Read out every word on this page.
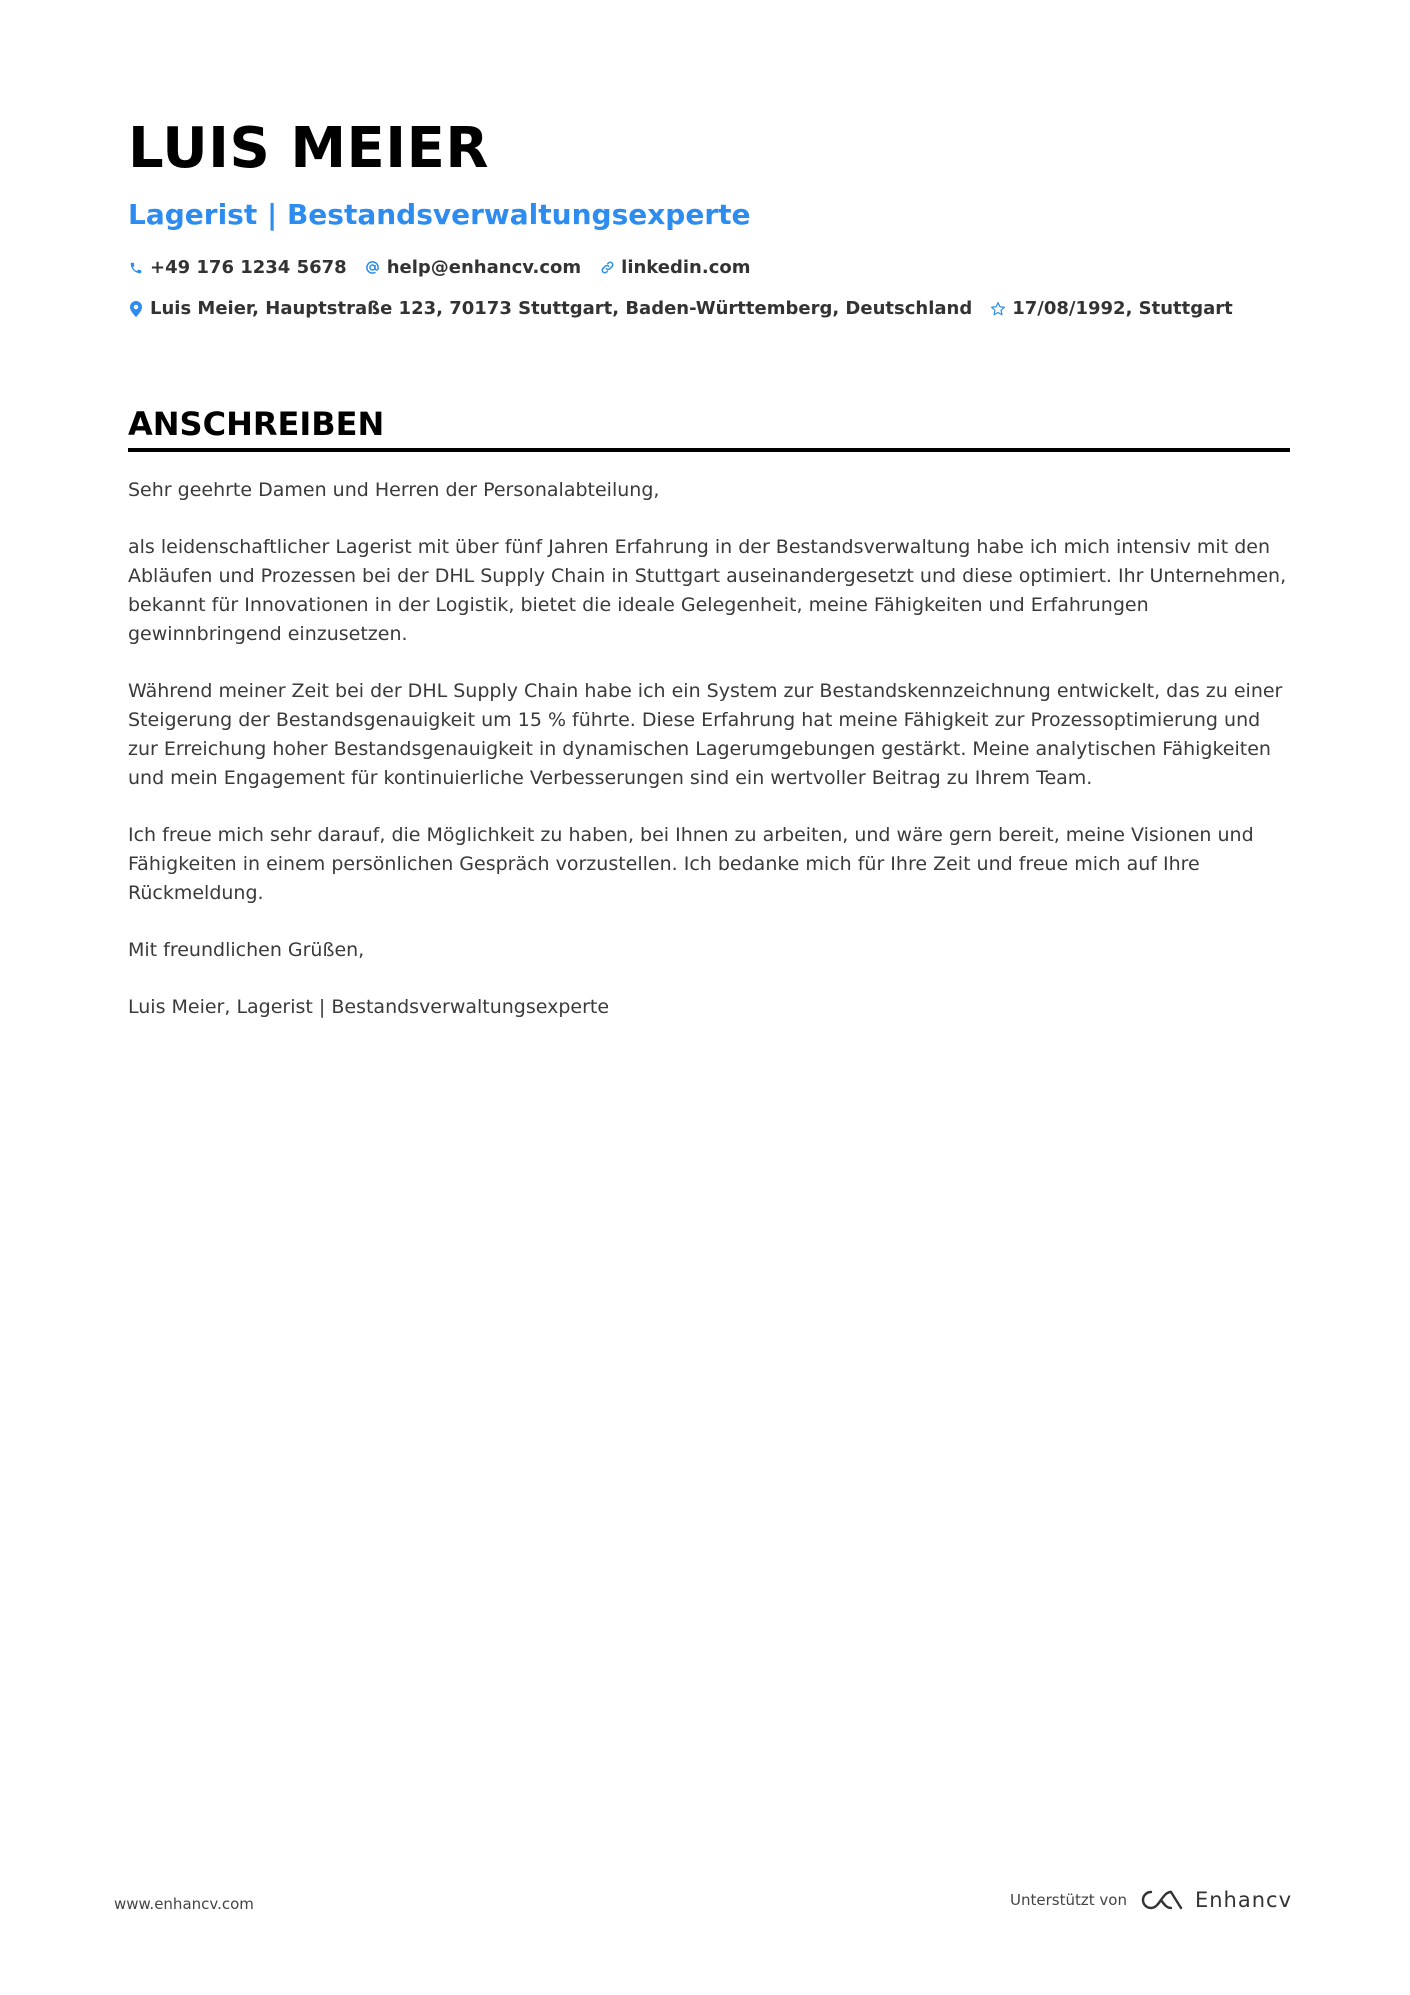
LUIS MEIER
Lagerist | Bestandsverwaltungsexperte
+49 176 1234 5678 help@enhancv.com linkedin.com
Luis Meier, Hauptstraße 123, 70173 Stuttgart, Baden-Württemberg, Deutschland 17/08/1992, Stuttgart
ANSCHREIBEN

Sehr geehrte Damen und Herren der Personalabteilung,

als leidenschaftlicher Lagerist mit über fünf Jahren Erfahrung in der Bestandsverwaltung habe ich mich intensiv mit den Abläufen und Prozessen bei der DHL Supply Chain in Stuttgart auseinandergesetzt und diese optimiert. Ihr Unternehmen, bekannt für Innovationen in der Logistik, bietet die ideale Gelegenheit, meine Fähigkeiten und Erfahrungen gewinnbringend einzusetzen.

Während meiner Zeit bei der DHL Supply Chain habe ich ein System zur Bestandskennzeichnung entwickelt, das zu einer Steigerung der Bestandsgenauigkeit um 15 % führte. Diese Erfahrung hat meine Fähigkeit zur Prozessoptimierung und zur Erreichung hoher Bestandsgenauigkeit in dynamischen Lagerumgebungen gestärkt. Meine analytischen Fähigkeiten und mein Engagement für kontinuierliche Verbesserungen sind ein wertvoller Beitrag zu Ihrem Team.

Ich freue mich sehr darauf, die Möglichkeit zu haben, bei Ihnen zu arbeiten, und wäre gern bereit, meine Visionen und Fähigkeiten in einem persönlichen Gespräch vorzustellen. Ich bedanke mich für Ihre Zeit und freue mich auf Ihre Rückmeldung.

Mit freundlichen Grüßen,

Luis Meier, Lagerist | Bestandsverwaltungsexperte

www.enhancv.com	Unterstützt von	Enhancv
